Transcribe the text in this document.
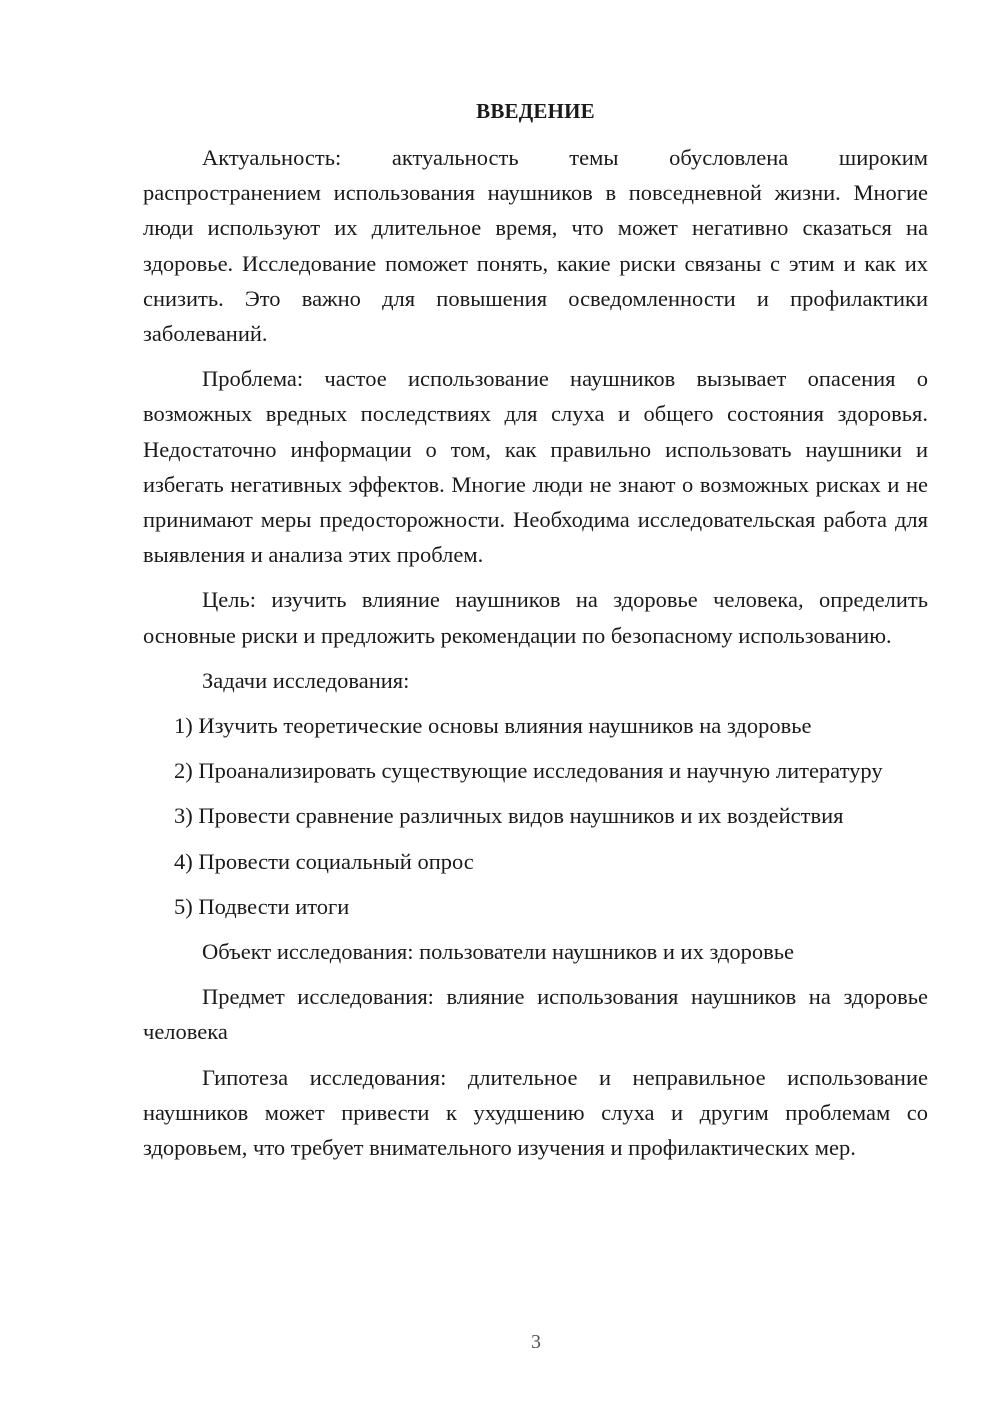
ВВЕДЕНИЕ

Актуальность: актуальность темы обусловлена широким распространением использования наушников в повседневной жизни. Многие люди используют их длительное время, что может негативно сказаться на здоровье. Исследование поможет понять, какие риски связаны с этим и как их снизить. Это важно для повышения осведомленности и профилактики заболеваний.

Проблема: частое использование наушников вызывает опасения о возможных вредных последствиях для слуха и общего состояния здоровья. Недостаточно информации о том, как правильно использовать наушники и избегать негативных эффектов. Многие люди не знают о возможных рисках и не принимают меры предосторожности. Необходима исследовательская работа для выявления и анализа этих проблем.

Цель: изучить влияние наушников на здоровье человека, определить основные риски и предложить рекомендации по безопасному использованию.

Задачи исследования:

1) Изучить теоретические основы влияния наушников на здоровье

2) Проанализировать существующие исследования и научную литературу

3) Провести сравнение различных видов наушников и их воздействия

4) Провести социальный опрос

5) Подвести итоги

Объект исследования: пользователи наушников и их здоровье

Предмет исследования: влияние использования наушников на здоровье человека

Гипотеза исследования: длительное и неправильное использование наушников может привести к ухудшению слуха и другим проблемам со здоровьем, что требует внимательного изучения и профилактических мер.

3
